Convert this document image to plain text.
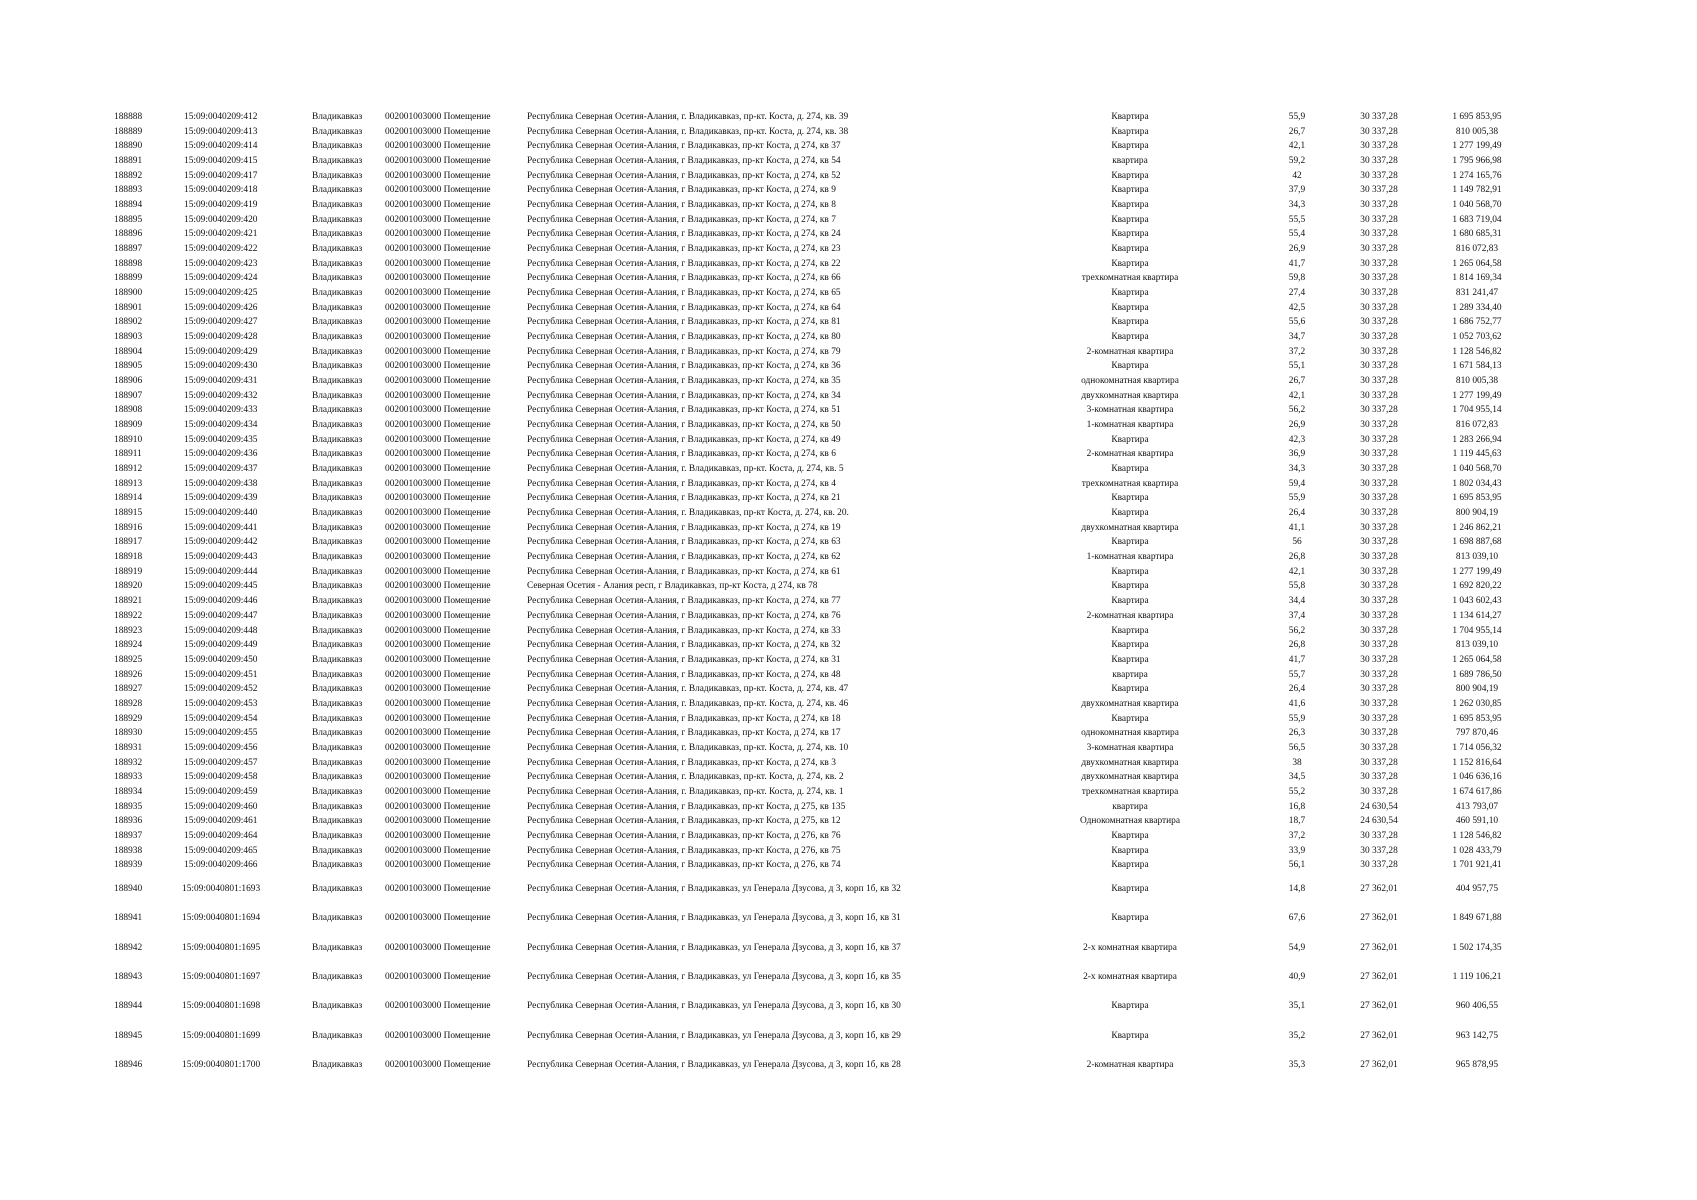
188888	15:09:0040209:412	Владикавказ	002001003000 Помещение	Республика Северная Осетия-Алания, г. Владикавказ, пр-кт. Коста, д. 274, кв. 39	Квартира	55,9	30 337,28	1 695 853,95
188889	15:09:0040209:413	Владикавказ	002001003000 Помещение	Республика Северная Осетия-Алания, г. Владикавказ, пр-кт. Коста, д. 274, кв. 38	Квартира	26,7	30 337,28	810 005,38
188890	15:09:0040209:414	Владикавказ	002001003000 Помещение	Республика Северная Осетия-Алания, г Владикавказ, пр-кт Коста, д 274, кв 37	Квартира	42,1	30 337,28	1 277 199,49
188891	15:09:0040209:415	Владикавказ	002001003000 Помещение	Республика Северная Осетия-Алания, г Владикавказ, пр-кт Коста, д 274, кв 54	квартира	59,2	30 337,28	1 795 966,98
188892	15:09:0040209:417	Владикавказ	002001003000 Помещение	Республика Северная Осетия-Алания, г Владикавказ, пр-кт Коста, д 274, кв 52	Квартира	42	30 337,28	1 274 165,76
188893	15:09:0040209:418	Владикавказ	002001003000 Помещение	Республика Северная Осетия-Алания, г Владикавказ, пр-кт Коста, д 274, кв 9	Квартира	37,9	30 337,28	1 149 782,91
188894	15:09:0040209:419	Владикавказ	002001003000 Помещение	Республика Северная Осетия-Алания, г Владикавказ, пр-кт Коста, д 274, кв 8	Квартира	34,3	30 337,28	1 040 568,70
188895	15:09:0040209:420	Владикавказ	002001003000 Помещение	Республика Северная Осетия-Алания, г Владикавказ, пр-кт Коста, д 274, кв 7	Квартира	55,5	30 337,28	1 683 719,04
188896	15:09:0040209:421	Владикавказ	002001003000 Помещение	Республика Северная Осетия-Алания, г Владикавказ, пр-кт Коста, д 274, кв 24	Квартира	55,4	30 337,28	1 680 685,31
188897	15:09:0040209:422	Владикавказ	002001003000 Помещение	Республика Северная Осетия-Алания, г Владикавказ, пр-кт Коста, д 274, кв 23	Квартира	26,9	30 337,28	816 072,83
188898	15:09:0040209:423	Владикавказ	002001003000 Помещение	Республика Северная Осетия-Алания, г Владикавказ, пр-кт Коста, д 274, кв 22	Квартира	41,7	30 337,28	1 265 064,58
188899	15:09:0040209:424	Владикавказ	002001003000 Помещение	Республика Северная Осетия-Алания, г Владикавказ, пр-кт Коста, д 274, кв 66	трехкомнатная квартира	59,8	30 337,28	1 814 169,34
188900	15:09:0040209:425	Владикавказ	002001003000 Помещение	Республика Северная Осетия-Алания, г Владикавказ, пр-кт Коста, д 274, кв 65	Квартира	27,4	30 337,28	831 241,47
188901	15:09:0040209:426	Владикавказ	002001003000 Помещение	Республика Северная Осетия-Алания, г Владикавказ, пр-кт Коста, д 274, кв 64	Квартира	42,5	30 337,28	1 289 334,40
188902	15:09:0040209:427	Владикавказ	002001003000 Помещение	Республика Северная Осетия-Алания, г Владикавказ, пр-кт Коста, д 274, кв 81	Квартира	55,6	30 337,28	1 686 752,77
188903	15:09:0040209:428	Владикавказ	002001003000 Помещение	Республика Северная Осетия-Алания, г Владикавказ, пр-кт Коста, д 274, кв 80	Квартира	34,7	30 337,28	1 052 703,62
188904	15:09:0040209:429	Владикавказ	002001003000 Помещение	Республика Северная Осетия-Алания, г Владикавказ, пр-кт Коста, д 274, кв 79	2-комнатная квартира	37,2	30 337,28	1 128 546,82
188905	15:09:0040209:430	Владикавказ	002001003000 Помещение	Республика Северная Осетия-Алания, г Владикавказ, пр-кт Коста, д 274, кв 36	Квартира	55,1	30 337,28	1 671 584,13
188906	15:09:0040209:431	Владикавказ	002001003000 Помещение	Республика Северная Осетия-Алания, г Владикавказ, пр-кт Коста, д 274, кв 35	однокомнатная квартира	26,7	30 337,28	810 005,38
188907	15:09:0040209:432	Владикавказ	002001003000 Помещение	Республика Северная Осетия-Алания, г Владикавказ, пр-кт Коста, д 274, кв 34	двухкомнатная квартира	42,1	30 337,28	1 277 199,49
188908	15:09:0040209:433	Владикавказ	002001003000 Помещение	Республика Северная Осетия-Алания, г Владикавказ, пр-кт Коста, д 274, кв 51	3-комнатная квартира	56,2	30 337,28	1 704 955,14
188909	15:09:0040209:434	Владикавказ	002001003000 Помещение	Республика Северная Осетия-Алания, г Владикавказ, пр-кт Коста, д 274, кв 50	1-комнатная квартира	26,9	30 337,28	816 072,83
188910	15:09:0040209:435	Владикавказ	002001003000 Помещение	Республика Северная Осетия-Алания, г Владикавказ, пр-кт Коста, д 274, кв 49	Квартира	42,3	30 337,28	1 283 266,94
188911	15:09:0040209:436	Владикавказ	002001003000 Помещение	Республика Северная Осетия-Алания, г Владикавказ, пр-кт Коста, д 274, кв 6	2-комнатная квартира	36,9	30 337,28	1 119 445,63
188912	15:09:0040209:437	Владикавказ	002001003000 Помещение	Республика Северная Осетия-Алания, г. Владикавказ, пр-кт. Коста, д. 274, кв. 5	Квартира	34,3	30 337,28	1 040 568,70
188913	15:09:0040209:438	Владикавказ	002001003000 Помещение	Республика Северная Осетия-Алания, г Владикавказ, пр-кт Коста, д 274, кв 4	трехкомнатная квартира	59,4	30 337,28	1 802 034,43
188914	15:09:0040209:439	Владикавказ	002001003000 Помещение	Республика Северная Осетия-Алания, г Владикавказ, пр-кт Коста, д 274, кв 21	Квартира	55,9	30 337,28	1 695 853,95
188915	15:09:0040209:440	Владикавказ	002001003000 Помещение	Республика Северная Осетия-Алания, г. Владикавказ, пр-кт Коста, д. 274, кв. 20.	Квартира	26,4	30 337,28	800 904,19
188916	15:09:0040209:441	Владикавказ	002001003000 Помещение	Республика Северная Осетия-Алания, г Владикавказ, пр-кт Коста, д 274, кв 19	двухкомнатная квартира	41,1	30 337,28	1 246 862,21
188917	15:09:0040209:442	Владикавказ	002001003000 Помещение	Республика Северная Осетия-Алания, г Владикавказ, пр-кт Коста, д 274, кв 63	Квартира	56	30 337,28	1 698 887,68
188918	15:09:0040209:443	Владикавказ	002001003000 Помещение	Республика Северная Осетия-Алания, г Владикавказ, пр-кт Коста, д 274, кв 62	1-комнатная квартира	26,8	30 337,28	813 039,10
188919	15:09:0040209:444	Владикавказ	002001003000 Помещение	Республика Северная Осетия-Алания, г Владикавказ, пр-кт Коста, д 274, кв 61	Квартира	42,1	30 337,28	1 277 199,49
188920	15:09:0040209:445	Владикавказ	002001003000 Помещение	Северная Осетия - Алания респ, г Владикавказ, пр-кт Коста, д 274, кв 78	Квартира	55,8	30 337,28	1 692 820,22
188921	15:09:0040209:446	Владикавказ	002001003000 Помещение	Республика Северная Осетия-Алания, г Владикавказ, пр-кт Коста, д 274, кв 77	Квартира	34,4	30 337,28	1 043 602,43
188922	15:09:0040209:447	Владикавказ	002001003000 Помещение	Республика Северная Осетия-Алания, г Владикавказ, пр-кт Коста, д 274, кв 76	2-комнатная квартира	37,4	30 337,28	1 134 614,27
188923	15:09:0040209:448	Владикавказ	002001003000 Помещение	Республика Северная Осетия-Алания, г Владикавказ, пр-кт Коста, д 274, кв 33	Квартира	56,2	30 337,28	1 704 955,14
188924	15:09:0040209:449	Владикавказ	002001003000 Помещение	Республика Северная Осетия-Алания, г Владикавказ, пр-кт Коста, д 274, кв 32	Квартира	26,8	30 337,28	813 039,10
188925	15:09:0040209:450	Владикавказ	002001003000 Помещение	Республика Северная Осетия-Алания, г Владикавказ, пр-кт Коста, д 274, кв 31	Квартира	41,7	30 337,28	1 265 064,58
188926	15:09:0040209:451	Владикавказ	002001003000 Помещение	Республика Северная Осетия-Алания, г Владикавказ, пр-кт Коста, д 274, кв 48	квартира	55,7	30 337,28	1 689 786,50
188927	15:09:0040209:452	Владикавказ	002001003000 Помещение	Республика Северная Осетия-Алания, г. Владикавказ, пр-кт. Коста, д. 274, кв. 47	Квартира	26,4	30 337,28	800 904,19
188928	15:09:0040209:453	Владикавказ	002001003000 Помещение	Республика Северная Осетия-Алания, г. Владикавказ, пр-кт. Коста, д. 274, кв. 46	двухкомнатная квартира	41,6	30 337,28	1 262 030,85
188929	15:09:0040209:454	Владикавказ	002001003000 Помещение	Республика Северная Осетия-Алания, г Владикавказ, пр-кт Коста, д 274, кв 18	Квартира	55,9	30 337,28	1 695 853,95
188930	15:09:0040209:455	Владикавказ	002001003000 Помещение	Республика Северная Осетия-Алания, г Владикавказ, пр-кт Коста, д 274, кв 17	однокомнатная квартира	26,3	30 337,28	797 870,46
188931	15:09:0040209:456	Владикавказ	002001003000 Помещение	Республика Северная Осетия-Алания, г. Владикавказ, пр-кт. Коста, д. 274, кв. 10	3-комнатная квартира	56,5	30 337,28	1 714 056,32
188932	15:09:0040209:457	Владикавказ	002001003000 Помещение	Республика Северная Осетия-Алания, г Владикавказ, пр-кт Коста, д 274, кв 3	двухкомнатная квартира	38	30 337,28	1 152 816,64
188933	15:09:0040209:458	Владикавказ	002001003000 Помещение	Республика Северная Осетия-Алания, г. Владикавказ, пр-кт. Коста, д. 274, кв. 2	двухкомнатная квартира	34,5	30 337,28	1 046 636,16
188934	15:09:0040209:459	Владикавказ	002001003000 Помещение	Республика Северная Осетия-Алания, г. Владикавказ, пр-кт. Коста, д. 274, кв. 1	трехкомнатная квартира	55,2	30 337,28	1 674 617,86
188935	15:09:0040209:460	Владикавказ	002001003000 Помещение	Республика Северная Осетия-Алания, г Владикавказ, пр-кт Коста, д 275, кв 135	квартира	16,8	24 630,54	413 793,07
188936	15:09:0040209:461	Владикавказ	002001003000 Помещение	Республика Северная Осетия-Алания, г Владикавказ, пр-кт Коста, д 275, кв 12	Однокомнатная квартира	18,7	24 630,54	460 591,10
188937	15:09:0040209:464	Владикавказ	002001003000 Помещение	Республика Северная Осетия-Алания, г Владикавказ, пр-кт Коста, д 276, кв 76	Квартира	37,2	30 337,28	1 128 546,82
188938	15:09:0040209:465	Владикавказ	002001003000 Помещение	Республика Северная Осетия-Алания, г Владикавказ, пр-кт Коста, д 276, кв 75	Квартира	33,9	30 337,28	1 028 433,79
188939	15:09:0040209:466	Владикавказ	002001003000 Помещение	Республика Северная Осетия-Алания, г Владикавказ, пр-кт Коста, д 276, кв 74	Квартира	56,1	30 337,28	1 701 921,41
188940	15:09:0040801:1693	Владикавказ	002001003000 Помещение	Республика Северная Осетия-Алания, г Владикавказ, ул Генерала Дзусова, д 3, корп 1б, кв 32	Квартира	14,8	27 362,01	404 957,75
188941	15:09:0040801:1694	Владикавказ	002001003000 Помещение	Республика Северная Осетия-Алания, г Владикавказ, ул Генерала Дзусова, д 3, корп 1б, кв 31	Квартира	67,6	27 362,01	1 849 671,88
188942	15:09:0040801:1695	Владикавказ	002001003000 Помещение	Республика Северная Осетия-Алания, г Владикавказ, ул Генерала Дзусова, д 3, корп 1б, кв 37	2-х комнатная квартира	54,9	27 362,01	1 502 174,35
188943	15:09:0040801:1697	Владикавказ	002001003000 Помещение	Республика Северная Осетия-Алания, г Владикавказ, ул Генерала Дзусова, д 3, корп 1б, кв 35	2-х комнатная квартира	40,9	27 362,01	1 119 106,21
188944	15:09:0040801:1698	Владикавказ	002001003000 Помещение	Республика Северная Осетия-Алания, г Владикавказ, ул Генерала Дзусова, д 3, корп 1б, кв 30	Квартира	35,1	27 362,01	960 406,55
188945	15:09:0040801:1699	Владикавказ	002001003000 Помещение	Республика Северная Осетия-Алания, г Владикавказ, ул Генерала Дзусова, д 3, корп 1б, кв 29	Квартира	35,2	27 362,01	963 142,75
188946	15:09:0040801:1700	Владикавказ	002001003000 Помещение	Республика Северная Осетия-Алания, г Владикавказ, ул Генерала Дзусова, д 3, корп 1б, кв 28	2-комнатная квартира	35,3	27 362,01	965 878,95
